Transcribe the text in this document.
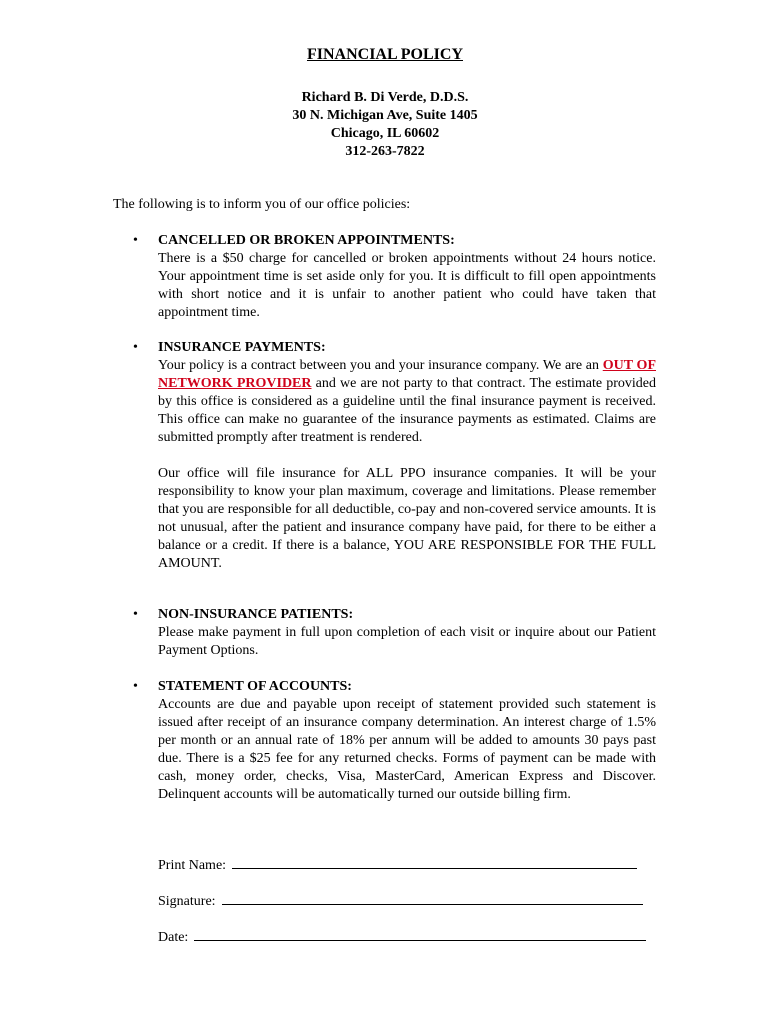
FINANCIAL POLICY
Richard B. Di Verde, D.D.S.
30 N. Michigan Ave, Suite 1405
Chicago, IL 60602
312-263-7822
The following is to inform you of our office policies:
• CANCELLED OR BROKEN APPOINTMENTS:
There is a $50 charge for cancelled or broken appointments without 24 hours notice. Your appointment time is set aside only for you. It is difficult to fill open appointments with short notice and it is unfair to another patient who could have taken that appointment time.
• INSURANCE PAYMENTS:
Your policy is a contract between you and your insurance company. We are an OUT OF NETWORK PROVIDER and we are not party to that contract. The estimate provided by this office is considered as a guideline until the final insurance payment is received. This office can make no guarantee of the insurance payments as estimated. Claims are submitted promptly after treatment is rendered.
Our office will file insurance for ALL PPO insurance companies. It will be your responsibility to know your plan maximum, coverage and limitations. Please remember that you are responsible for all deductible, co-pay and non-covered service amounts. It is not unusual, after the patient and insurance company have paid, for there to be either a balance or a credit. If there is a balance, YOU ARE RESPONSIBLE FOR THE FULL AMOUNT.
• NON-INSURANCE PATIENTS:
Please make payment in full upon completion of each visit or inquire about our Patient Payment Options.
• STATEMENT OF ACCOUNTS:
Accounts are due and payable upon receipt of statement provided such statement is issued after receipt of an insurance company determination. An interest charge of 1.5% per month or an annual rate of 18% per annum will be added to amounts 30 pays past due. There is a $25 fee for any returned checks. Forms of payment can be made with cash, money order, checks, Visa, MasterCard, American Express and Discover. Delinquent accounts will be automatically turned our outside billing firm.
Print Name:
Signature:
Date:
